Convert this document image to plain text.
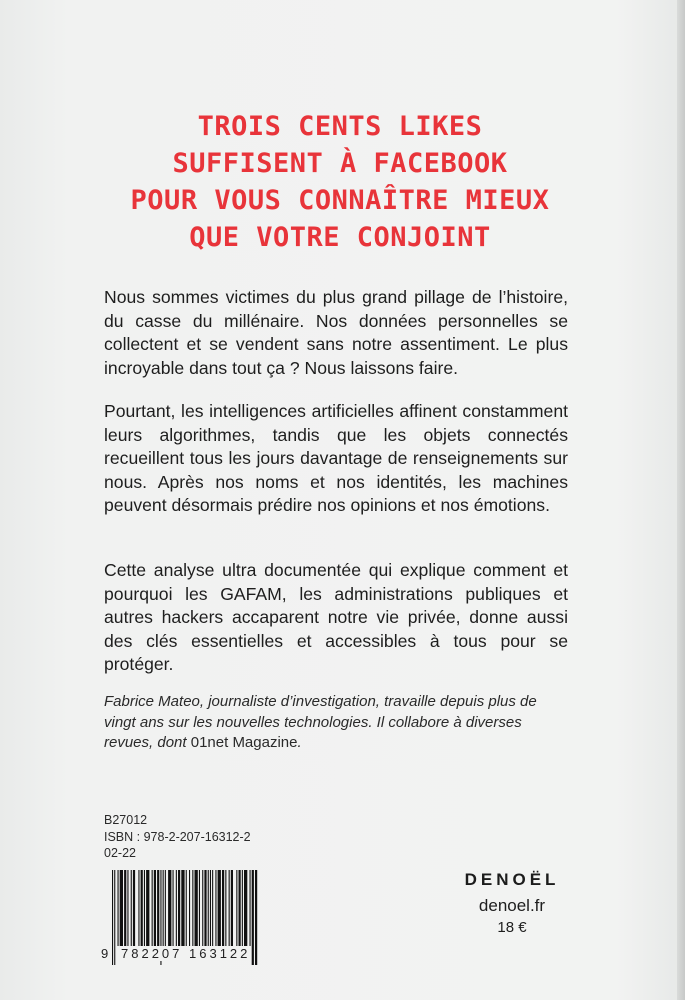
TROIS CENTS LIKES
SUFFISENT À FACEBOOK
POUR VOUS CONNAÎTRE MIEUX
QUE VOTRE CONJOINT
Nous sommes victimes du plus grand pillage de l’histoire, du casse du millénaire. Nos données personnelles se collectent et se vendent sans notre assentiment. Le plus incroyable dans tout ça ? Nous laissons faire.
Pourtant, les intelligences artificielles affinent constamment leurs algorithmes, tandis que les objets connectés recueillent tous les jours davantage de renseignements sur nous. Après nos noms et nos identités, les machines peuvent désormais prédire nos opinions et nos émotions.
Cette analyse ultra documentée qui explique comment et pourquoi les GAFAM, les administrations publiques et autres hackers accaparent notre vie privée, donne aussi des clés essentielles et accessibles à tous pour se protéger.
Fabrice Mateo, journaliste d’investigation, travaille depuis plus de vingt ans sur les nouvelles technologies. Il collabore à diverses revues, dont 01net Magazine.
B27012
ISBN : 978-2-207-16312-2
02-22
9 782207 163122
DENOËL
denoel.fr
18 €
